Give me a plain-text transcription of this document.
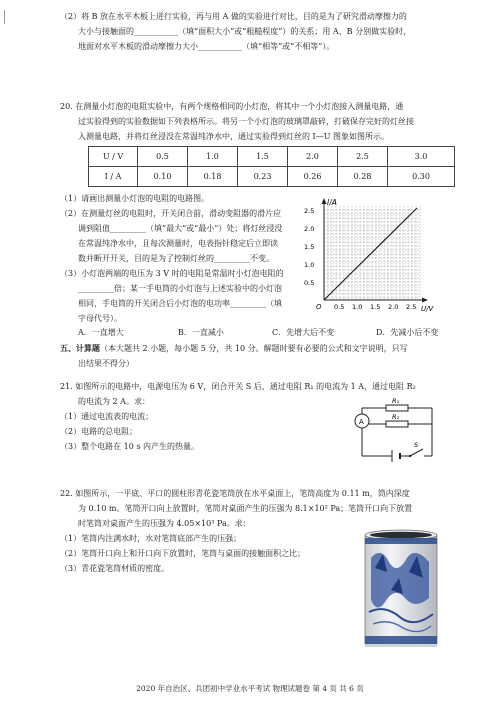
（2）将 B 放在水平木板上进行实验，再与用 A 做的实验进行对比，目的是为了研究滑动摩擦力的
大小与接触面的___________（填“面积大小”或“粗糙程度”）的关系；用 A、B 分别做实验时，
地面对水平木板的滑动摩擦力大小___________（填“相等”或“不相等”）。
20. 在测量小灯泡的电阻实验中，有两个规格相同的小灯泡，将其中一个小灯泡接入测量电路，通
过实验得到的实验数据如下列表格所示。将另一个小灯泡的玻璃罩敲碎，打破保存完好的灯丝接
入测量电路，并将灯丝浸没在常温纯净水中，通过实验得到灯丝的 I—U 图象如图所示。
U / V	0.5	1.0	1.5	2.0	2.5	3.0
I / A	0.10	0.18	0.23	0.26	0.28	0.30
（1）请画出测量小灯泡的电阻的电路图。
（2）在测量灯丝的电阻时，开关闭合前，滑动变阻器的滑片应
调到阻值_________（填“最大”或“最小”）处；将灯丝浸没
在常温纯净水中，且每次测量时，电表指针稳定后立即读
数并断开开关，目的是为了控制灯丝的_________不变。
（3）小灯泡两端的电压为 3 V 时的电阻是常温时小灯泡电阻的
_________倍；某一手电筒的小灯泡与上述实验中的小灯泡
相同，手电筒的开关闭合后小灯泡的电功率_________（填
字母代号）。
A．一直增大	B．一直减小	C．先增大后不变	D．先减小后不变
I/A
U/V
O
2.5
2.0
1.5
1.0
0.5
0.5 1.0 1.5 2.0 2.5
五、计算题（本大题共 2 小题，每小题 5 分，共 10 分。解题时要有必要的公式和文字说明，只写
出结果不得分）
21. 如图所示的电路中，电源电压为 6 V，闭合开关 S 后，通过电阻 R₁ 的电流为 1 A，通过电阻 R₂
的电流为 2 A。求：
（1）通过电流表的电流；
（2）电路的总电阻；
（3）整个电路在 10 s 内产生的热量。
R₁
R₂
A
S
22. 如图所示，一平底、平口的圆柱形青花瓷笔筒放在水平桌面上，笔筒高度为 0.11 m，筒内深度
为 0.10 m。笔筒开口向上放置时，笔筒对桌面产生的压强为 8.1×10² Pa；笔筒开口向下放置
时笔筒对桌面产生的压强为 4.05×10³ Pa。求：
（1）笔筒内注满水时，水对笔筒底部产生的压强；
（2）笔筒开口向上和开口向下放置时，笔筒与桌面的接触面积之比；
（3）青花瓷笔筒材质的密度。
2020 年自治区、兵团初中学业水平考试 物理试题卷 第 4 页 共 6 页
